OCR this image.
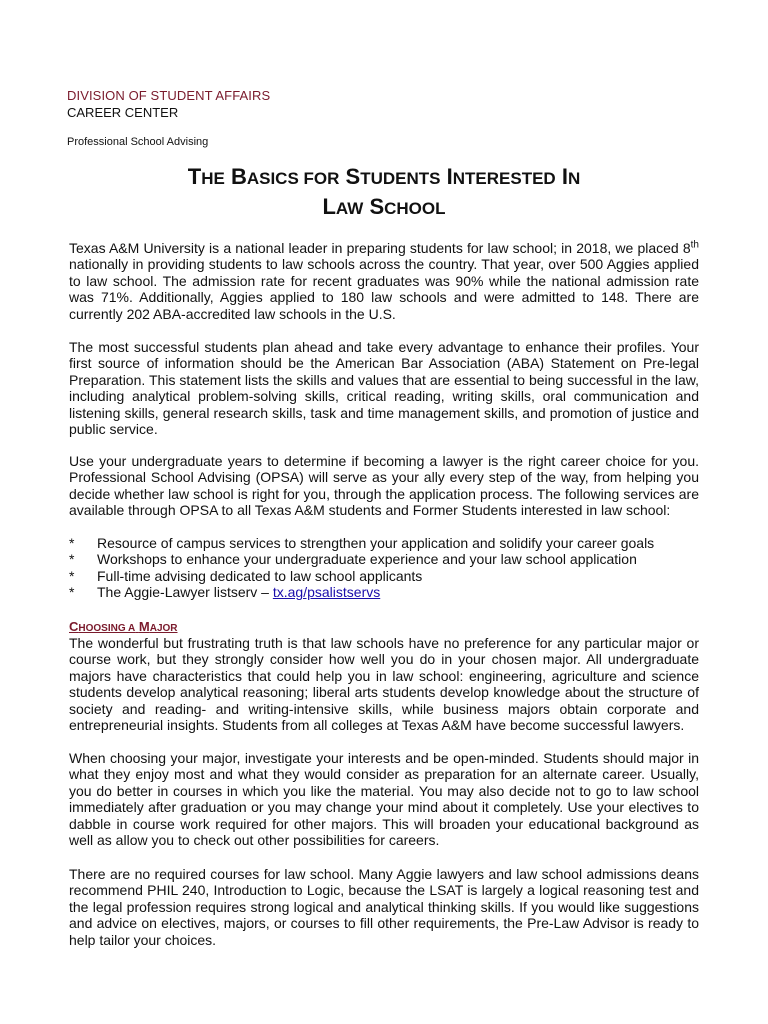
DIVISION OF STUDENT AFFAIRS
CAREER CENTER
Professional School Advising
THE BASICS FOR STUDENTS INTERESTED IN
LAW SCHOOL

Texas A&M University is a national leader in preparing students for law school; in 2018, we placed 8th nationally in providing students to law schools across the country. That year, over 500 Aggies applied to law school. The admission rate for recent graduates was 90% while the national admission rate was 71%. Additionally, Aggies applied to 180 law schools and were admitted to 148. There are currently 202 ABA-accredited law schools in the U.S.

The most successful students plan ahead and take every advantage to enhance their profiles. Your first source of information should be the American Bar Association (ABA) Statement on Pre-legal Preparation. This statement lists the skills and values that are essential to being successful in the law, including analytical problem-solving skills, critical reading, writing skills, oral communication and listening skills, general research skills, task and time management skills, and promotion of justice and public service.

Use your undergraduate years to determine if becoming a lawyer is the right career choice for you. Professional School Advising (OPSA) will serve as your ally every step of the way, from helping you decide whether law school is right for you, through the application process. The following services are available through OPSA to all Texas A&M students and Former Students interested in law school:

* Resource of campus services to strengthen your application and solidify your career goals
* Workshops to enhance your undergraduate experience and your law school application
* Full-time advising dedicated to law school applicants
* The Aggie-Lawyer listserv – tx.ag/psalistservs
CHOOSING A MAJOR

The wonderful but frustrating truth is that law schools have no preference for any particular major or course work, but they strongly consider how well you do in your chosen major. All undergraduate majors have characteristics that could help you in law school: engineering, agriculture and science students develop analytical reasoning; liberal arts students develop knowledge about the structure of society and reading- and writing-intensive skills, while business majors obtain corporate and entrepreneurial insights. Students from all colleges at Texas A&M have become successful lawyers.

When choosing your major, investigate your interests and be open-minded. Students should major in what they enjoy most and what they would consider as preparation for an alternate career. Usually, you do better in courses in which you like the material. You may also decide not to go to law school immediately after graduation or you may change your mind about it completely. Use your electives to dabble in course work required for other majors. This will broaden your educational background as well as allow you to check out other possibilities for careers.

There are no required courses for law school. Many Aggie lawyers and law school admissions deans recommend PHIL 240, Introduction to Logic, because the LSAT is largely a logical reasoning test and the legal profession requires strong logical and analytical thinking skills. If you would like suggestions and advice on electives, majors, or courses to fill other requirements, the Pre-Law Advisor is ready to help tailor your choices.
